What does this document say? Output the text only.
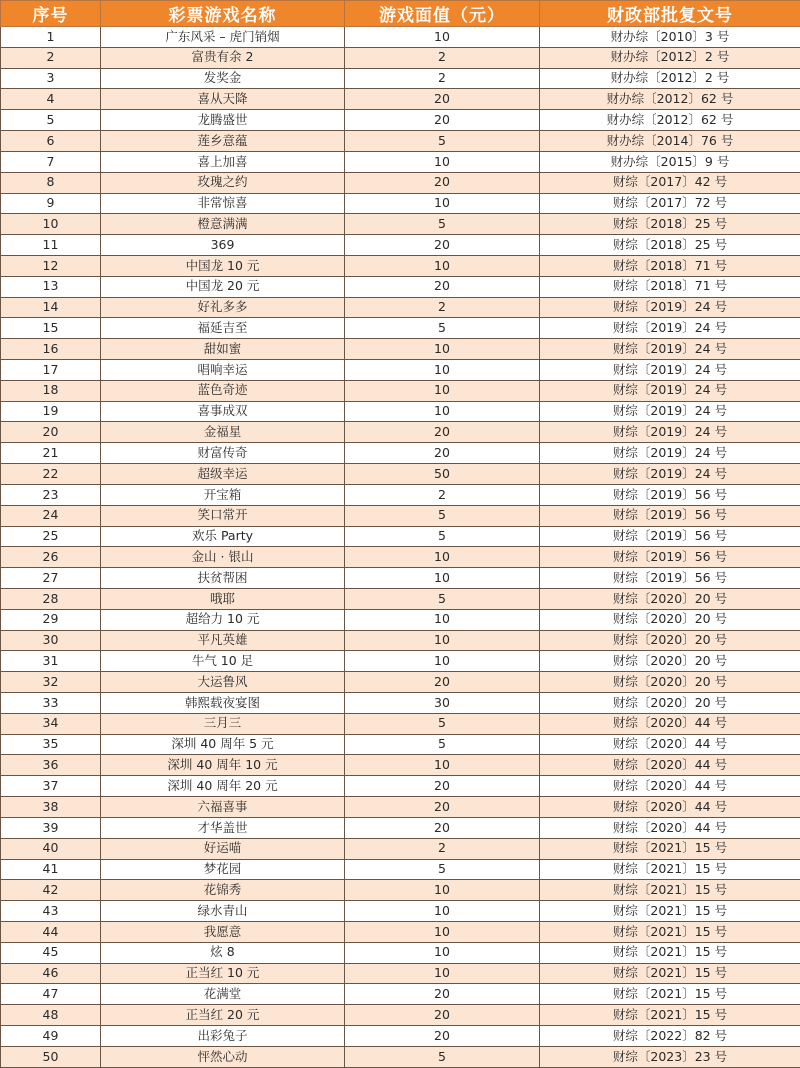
序号	彩票游戏名称	游戏面值（元）	财政部批复文号
1	广东风采 – 虎门销烟	10	财办综〔2010〕3 号
2	富贵有余 2	2	财办综〔2012〕2 号
3	发奖金	2	财办综〔2012〕2 号
4	喜从天降	20	财办综〔2012〕62 号
5	龙腾盛世	20	财办综〔2012〕62 号
6	莲乡意蕴	5	财办综〔2014〕76 号
7	喜上加喜	10	财办综〔2015〕9 号
8	玫瑰之约	20	财综〔2017〕42 号
9	非常惊喜	10	财综〔2017〕72 号
10	橙意满满	5	财综〔2018〕25 号
11	369	20	财综〔2018〕25 号
12	中国龙 10 元	10	财综〔2018〕71 号
13	中国龙 20 元	20	财综〔2018〕71 号
14	好礼多多	2	财综〔2019〕24 号
15	福延吉至	5	财综〔2019〕24 号
16	甜如蜜	10	财综〔2019〕24 号
17	唱响幸运	10	财综〔2019〕24 号
18	蓝色奇迹	10	财综〔2019〕24 号
19	喜事成双	10	财综〔2019〕24 号
20	金福星	20	财综〔2019〕24 号
21	财富传奇	20	财综〔2019〕24 号
22	超级幸运	50	财综〔2019〕24 号
23	开宝箱	2	财综〔2019〕56 号
24	笑口常开	5	财综〔2019〕56 号
25	欢乐 Party	5	财综〔2019〕56 号
26	金山 · 银山	10	财综〔2019〕56 号
27	扶贫帮困	10	财综〔2019〕56 号
28	哦耶	5	财综〔2020〕20 号
29	超给力 10 元	10	财综〔2020〕20 号
30	平凡英雄	10	财综〔2020〕20 号
31	牛气 10 足	10	财综〔2020〕20 号
32	大运鲁风	20	财综〔2020〕20 号
33	韩熙载夜宴图	30	财综〔2020〕20 号
34	三月三	5	财综〔2020〕44 号
35	深圳 40 周年 5 元	5	财综〔2020〕44 号
36	深圳 40 周年 10 元	10	财综〔2020〕44 号
37	深圳 40 周年 20 元	20	财综〔2020〕44 号
38	六福喜事	20	财综〔2020〕44 号
39	才华盖世	20	财综〔2020〕44 号
40	好运喵	2	财综〔2021〕15 号
41	梦花园	5	财综〔2021〕15 号
42	花锦秀	10	财综〔2021〕15 号
43	绿水青山	10	财综〔2021〕15 号
44	我愿意	10	财综〔2021〕15 号
45	炫 8	10	财综〔2021〕15 号
46	正当红 10 元	10	财综〔2021〕15 号
47	花满堂	20	财综〔2021〕15 号
48	正当红 20 元	20	财综〔2021〕15 号
49	出彩兔子	20	财综〔2022〕82 号
50	怦然心动	5	财综〔2023〕23 号
